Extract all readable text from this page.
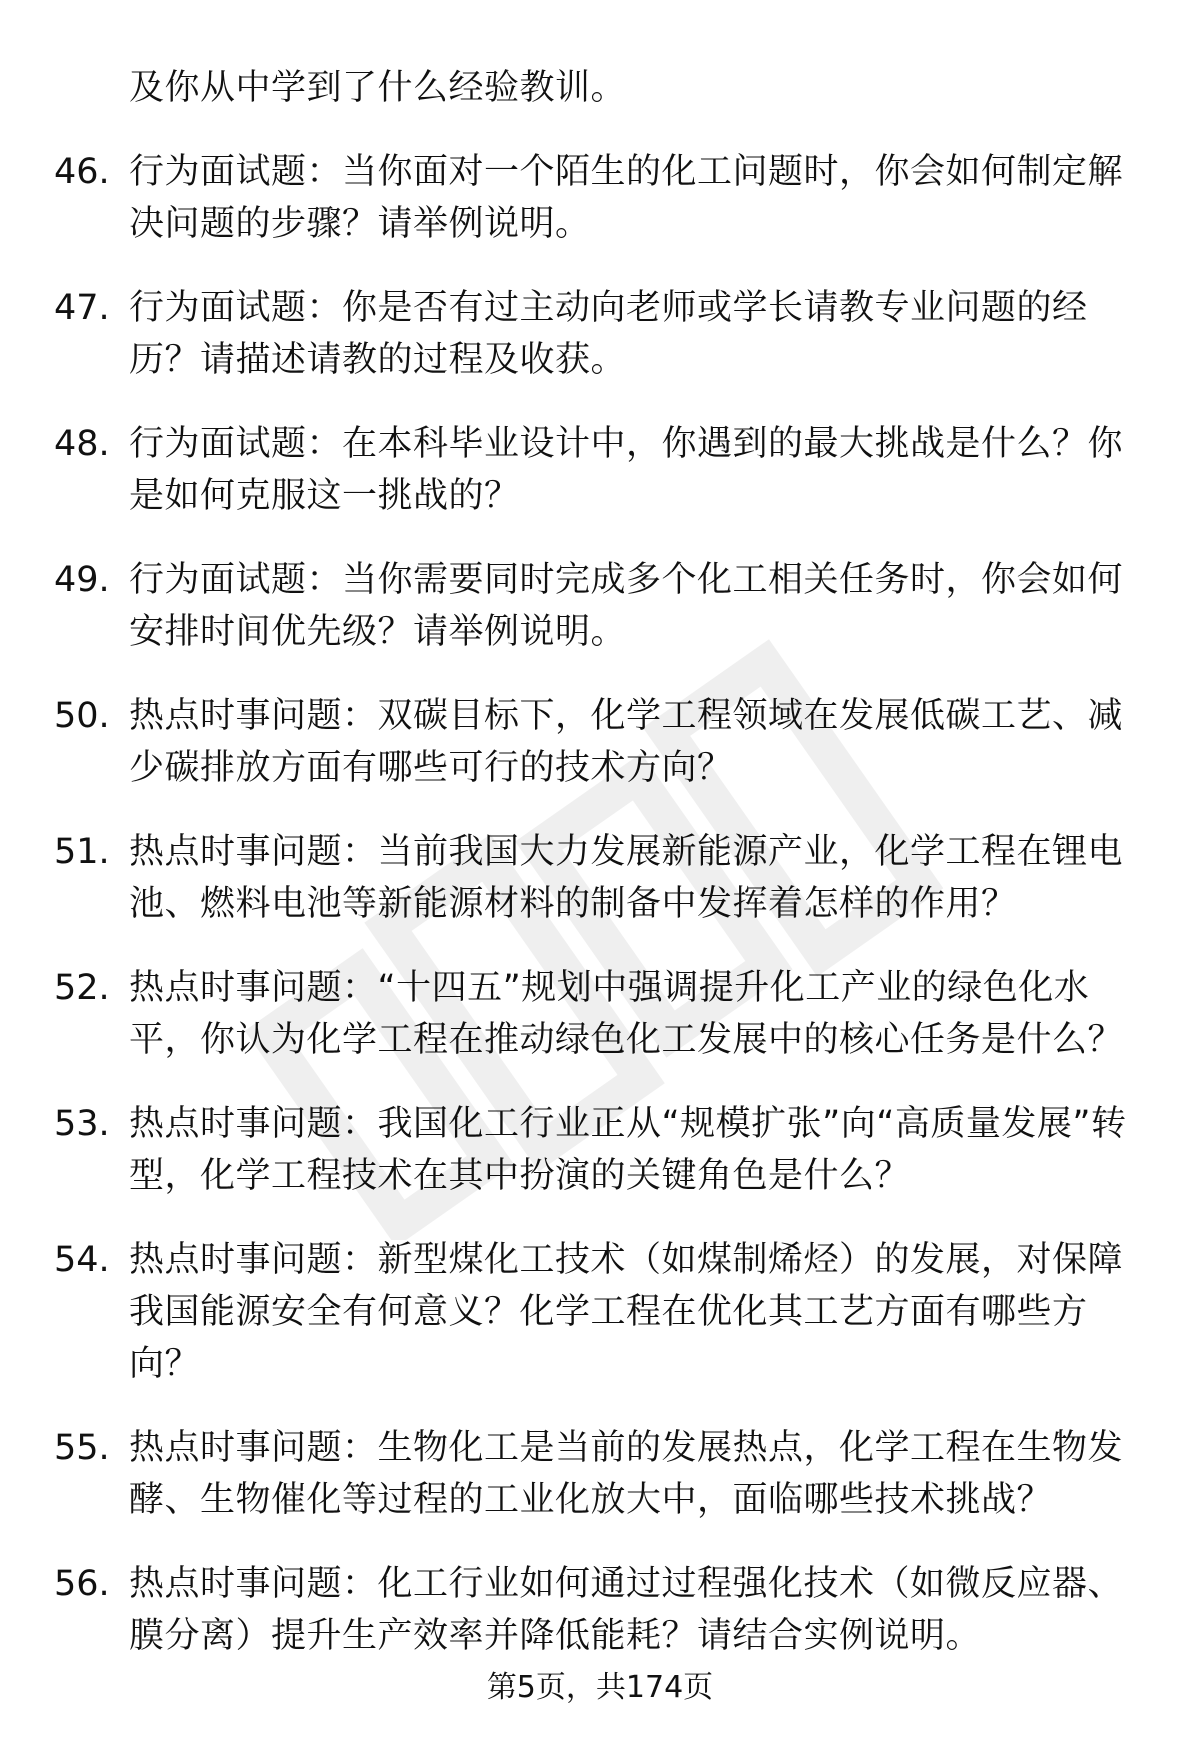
及你从中学到了什么经验教训。

46. 行为面试题：当你面对一个陌生的化工问题时，你会如何制定解决问题的步骤？请举例说明。
47. 行为面试题：你是否有过主动向老师或学长请教专业问题的经历？请描述请教的过程及收获。
48. 行为面试题：在本科毕业设计中，你遇到的最大挑战是什么？你是如何克服这一挑战的？
49. 行为面试题：当你需要同时完成多个化工相关任务时，你会如何安排时间优先级？请举例说明。
50. 热点时事问题：双碳目标下，化学工程领域在发展低碳工艺、减少碳排放方面有哪些可行的技术方向？
51. 热点时事问题：当前我国大力发展新能源产业，化学工程在锂电池、燃料电池等新能源材料的制备中发挥着怎样的作用？
52. 热点时事问题：“十四五”规划中强调提升化工产业的绿色化水平，你认为化学工程在推动绿色化工发展中的核心任务是什么？
53. 热点时事问题：我国化工行业正从“规模扩张”向“高质量发展”转型，化学工程技术在其中扮演的关键角色是什么？
54. 热点时事问题：新型煤化工技术（如煤制烯烃）的发展，对保障我国能源安全有何意义？化学工程在优化其工艺方面有哪些方向？
55. 热点时事问题：生物化工是当前的发展热点，化学工程在生物发酵、生物催化等过程的工业化放大中，面临哪些技术挑战？
56. 热点时事问题：化工行业如何通过过程强化技术（如微反应器、膜分离）提升生产效率并降低能耗？请结合实例说明。
第5页，共174页
